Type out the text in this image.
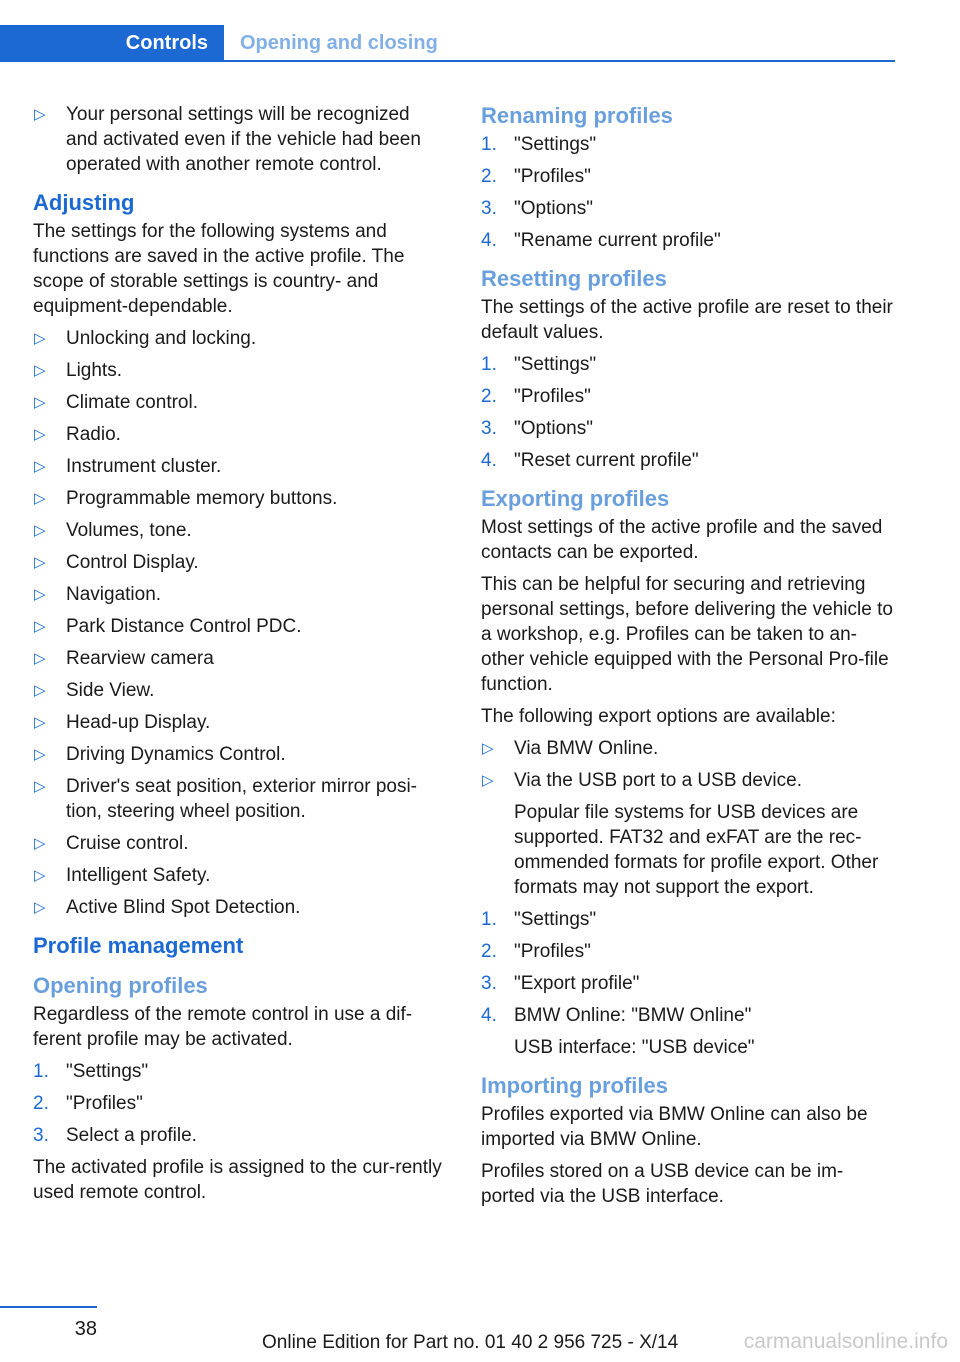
Controls	Opening and closing
▷ Your personal settings will be recognized and activated even if the vehicle had been operated with another remote control.
Adjusting

The settings for the following systems and functions are saved in the active profile. The scope of storable settings is country- and equipment-dependable.

▷ Unlocking and locking.
▷ Lights.
▷ Climate control.
▷ Radio.
▷ Instrument cluster.
▷ Programmable memory buttons.
▷ Volumes, tone.
▷ Control Display.
▷ Navigation.
▷ Park Distance Control PDC.
▷ Rearview camera
▷ Side View.
▷ Head-up Display.
▷ Driving Dynamics Control.
▷ Driver's seat position, exterior mirror posi‐tion, steering wheel position.
▷ Cruise control.
▷ Intelligent Safety.
▷ Active Blind Spot Detection.
Profile management
Opening profiles

Regardless of the remote control in use a dif‐ferent profile may be activated.

1. "Settings"
2. "Profiles"
3. Select a profile.

The activated profile is assigned to the cur‐rently used remote control.

Renaming profiles
1. "Settings"
2. "Profiles"
3. "Options"
4. "Rename current profile"
Resetting profiles

The settings of the active profile are reset to their default values.

1. "Settings"
2. "Profiles"
3. "Options"
4. "Reset current profile"
Exporting profiles

Most settings of the active profile and the saved contacts can be exported.

This can be helpful for securing and retrieving personal settings, before delivering the vehicle to a workshop, e.g. Profiles can be taken to an‐other vehicle equipped with the Personal Pro‐file function.

The following export options are available:

▷ Via BMW Online.
▷ Via the USB port to a USB device.
Popular file systems for USB devices are supported. FAT32 and exFAT are the rec‐ommended formats for profile export. Other formats may not support the export.
1. "Settings"
2. "Profiles"
3. "Export profile"
4. BMW Online: "BMW Online"
USB interface: "USB device"
Importing profiles

Profiles exported via BMW Online can also be imported via BMW Online.

Profiles stored on a USB device can be im‐ported via the USB interface.

38
Online Edition for Part no. 01 40 2 956 725 - X/14	carmanualsonline.info
